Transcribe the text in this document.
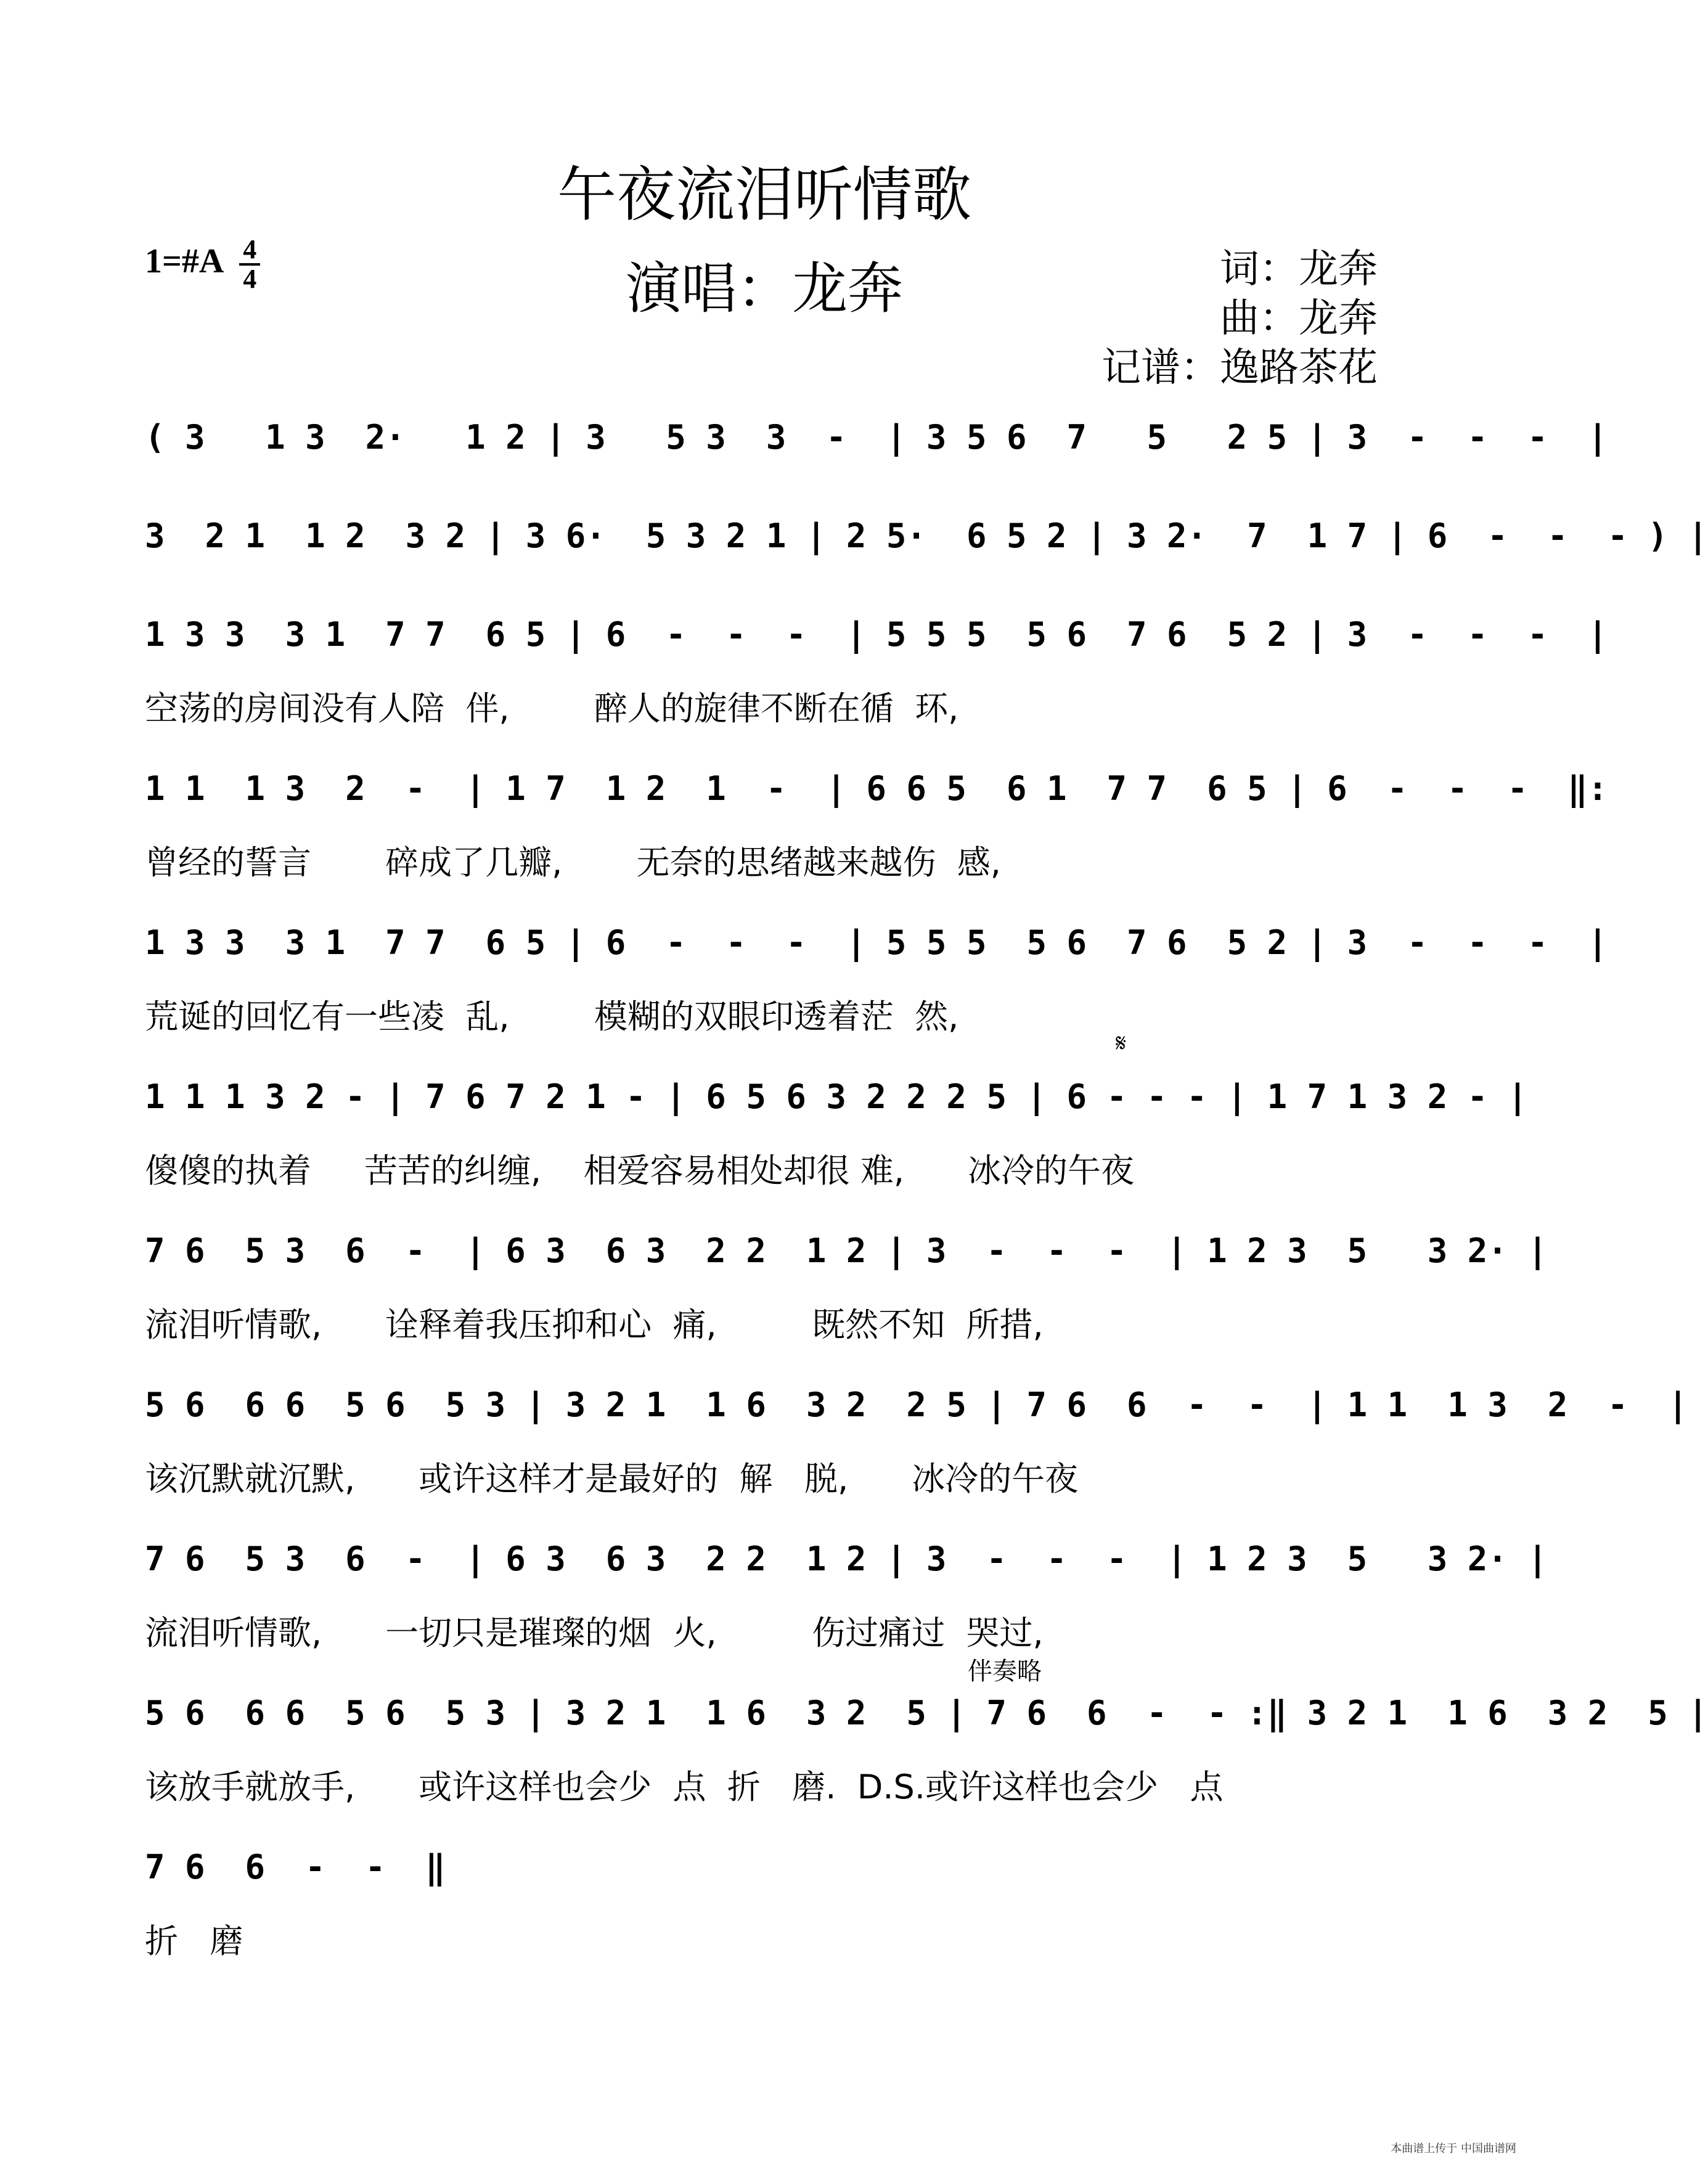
午夜流泪听情歌
演唱：龙奔
1=#A $\frac{4}{4}$	词：龙奔
曲：龙奔
记谱：逸路茶花
( 3   1 3  2·   1 2 | 3   5 3  3  -  | 3 5 6  7   5   2 5 | 3  -  -  -  |
3  2 1  1 2  3 2 | 3 6·  5 3 2 1 | 2 5·  6 5 2 | 3 2·  7  1 7 | 6  -  -  - ) |
1 3 3  3 1  7 7  6 5 | 6  -  -  -  | 5 5 5  5 6  7 6  5 2 | 3  -  -  -  |
空荡的房间没有人陪  伴,        醉人的旋律不断在循  环,
1 1  1 3  2  -  | 1 7  1 2  1  -  | 6 6 5  6 1  7 7  6 5 | 6  -  -  -  ‖:
曾经的誓言       碎成了几瓣,       无奈的思绪越来越伤  感,
1 3 3  3 1  7 7  6 5 | 6  -  -  -  | 5 5 5  5 6  7 6  5 2 | 3  -  -  -  |
荒诞的回忆有一些凌  乱,        模糊的双眼印透着茫  然,
𝄋
1 1 1 3 2 - | 7 6 7 2 1 - | 6 5 6 3 2 2 2 5 | 6 - - - | 1 7 1 3 2 - |
傻傻的执着     苦苦的纠缠,    相爱容易相处却很 难,      冰冷的午夜
7 6  5 3  6  -  | 6 3  6 3  2 2  1 2 | 3  -  -  -  | 1 2 3  5   3 2· |
流泪听情歌,      诠释着我压抑和心  痛,         既然不知  所措,
5 6  6 6  5 6  5 3 | 3 2 1  1 6  3 2  2 5 | 7 6  6  -  -  | 1 1  1 3  2  -  |
该沉默就沉默,      或许这样才是最好的  解   脱,      冰冷的午夜
7 6  5 3  6  -  | 6 3  6 3  2 2  1 2 | 3  -  -  -  | 1 2 3  5   3 2· |
流泪听情歌,      一切只是璀璨的烟  火,         伤过痛过  哭过,
伴奏略
5 6  6 6  5 6  5 3 | 3 2 1  1 6  3 2  5 | 7 6  6  -  - :‖ 3 2 1  1 6  3 2  5 |
该放手就放手,      或许这样也会少  点  折   磨.  D.S.或许这样也会少   点
7 6  6  -  -  ‖
折   磨
本曲谱上传于 中国曲谱网
